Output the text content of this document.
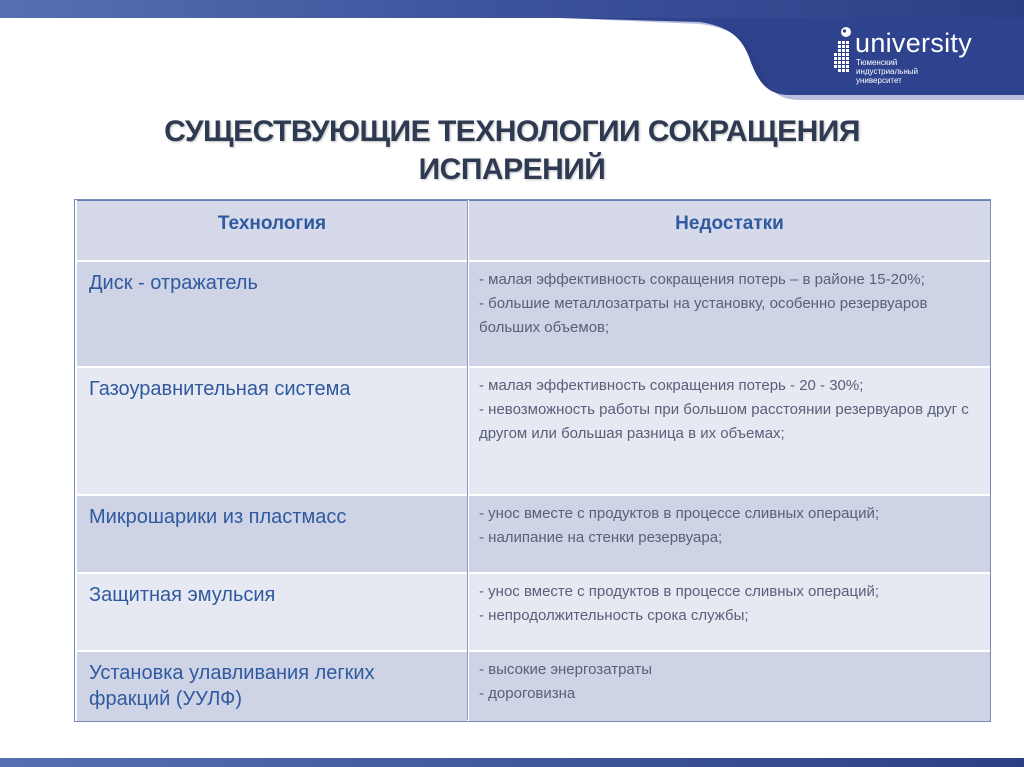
university
Тюменский
индустриальный
университет
СУЩЕСТВУЮЩИЕ ТЕХНОЛОГИИ СОКРАЩЕНИЯ
ИСПАРЕНИЙ
Технология	Недостатки
Диск - отражатель	- малая эффективность сокращения потерь – в районе 15-20%;
- большие металлозатраты на установку, особенно резервуаров больших объемов;

Газоуравнительная система	- малая эффективность сокращения потерь - 20 - 30%;
- невозможность работы при большом расстоянии резервуаров друг с другом или большая разница в их объемах;

Микрошарики из пластмасс	- унос вместе с продуктов в процессе сливных операций;
- налипание на стенки резервуара;

Защитная эмульсия	- унос вместе с продуктов в процессе сливных операций;
- непродолжительность срока службы;

Установка улавливания легких фракций (УУЛФ)	- высокие энергозатраты
- дороговизна
